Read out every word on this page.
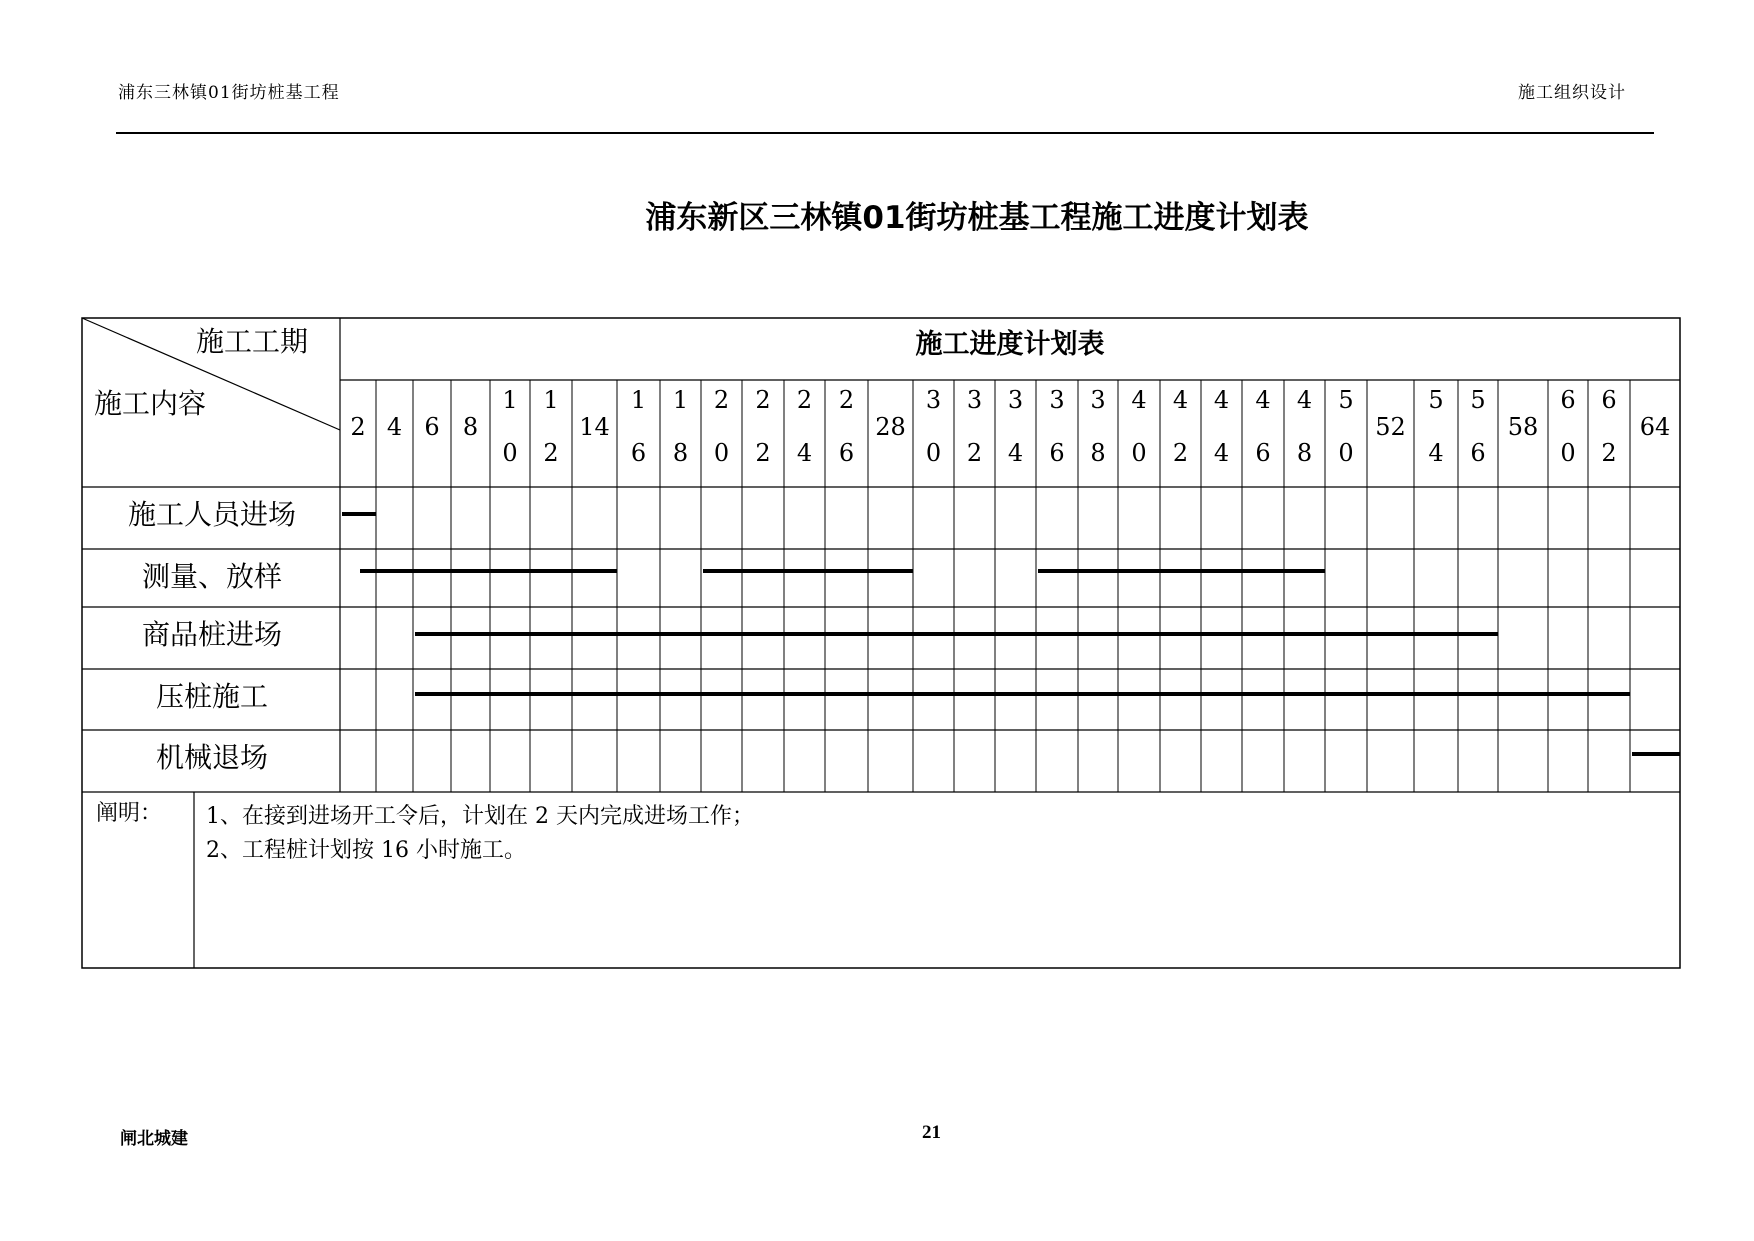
浦东三林镇01街坊桩基工程	施工组织设计
浦东新区三林镇01街坊桩基工程施工进度计划表
2 4 6 8
1
0
1
2
14
1
6
1
8
2
0
2
2
2
4
2
6
28
3
0
3
2
3
4
3
6
3
8
4
0
4
2
4
4
4
6
4
8
5
0
52
5
4
5
6
58
6
0
6
2
64
施工工期
施工内容
施工进度计划表
施工人员进场
测量、放样
商品桩进场
压桩施工
机械退场
阐明： 1、在接到进场开工令后，计划在 2 天内完成进场工作；
2、工程桩计划按 16 小时施工。
闸北城建	21
